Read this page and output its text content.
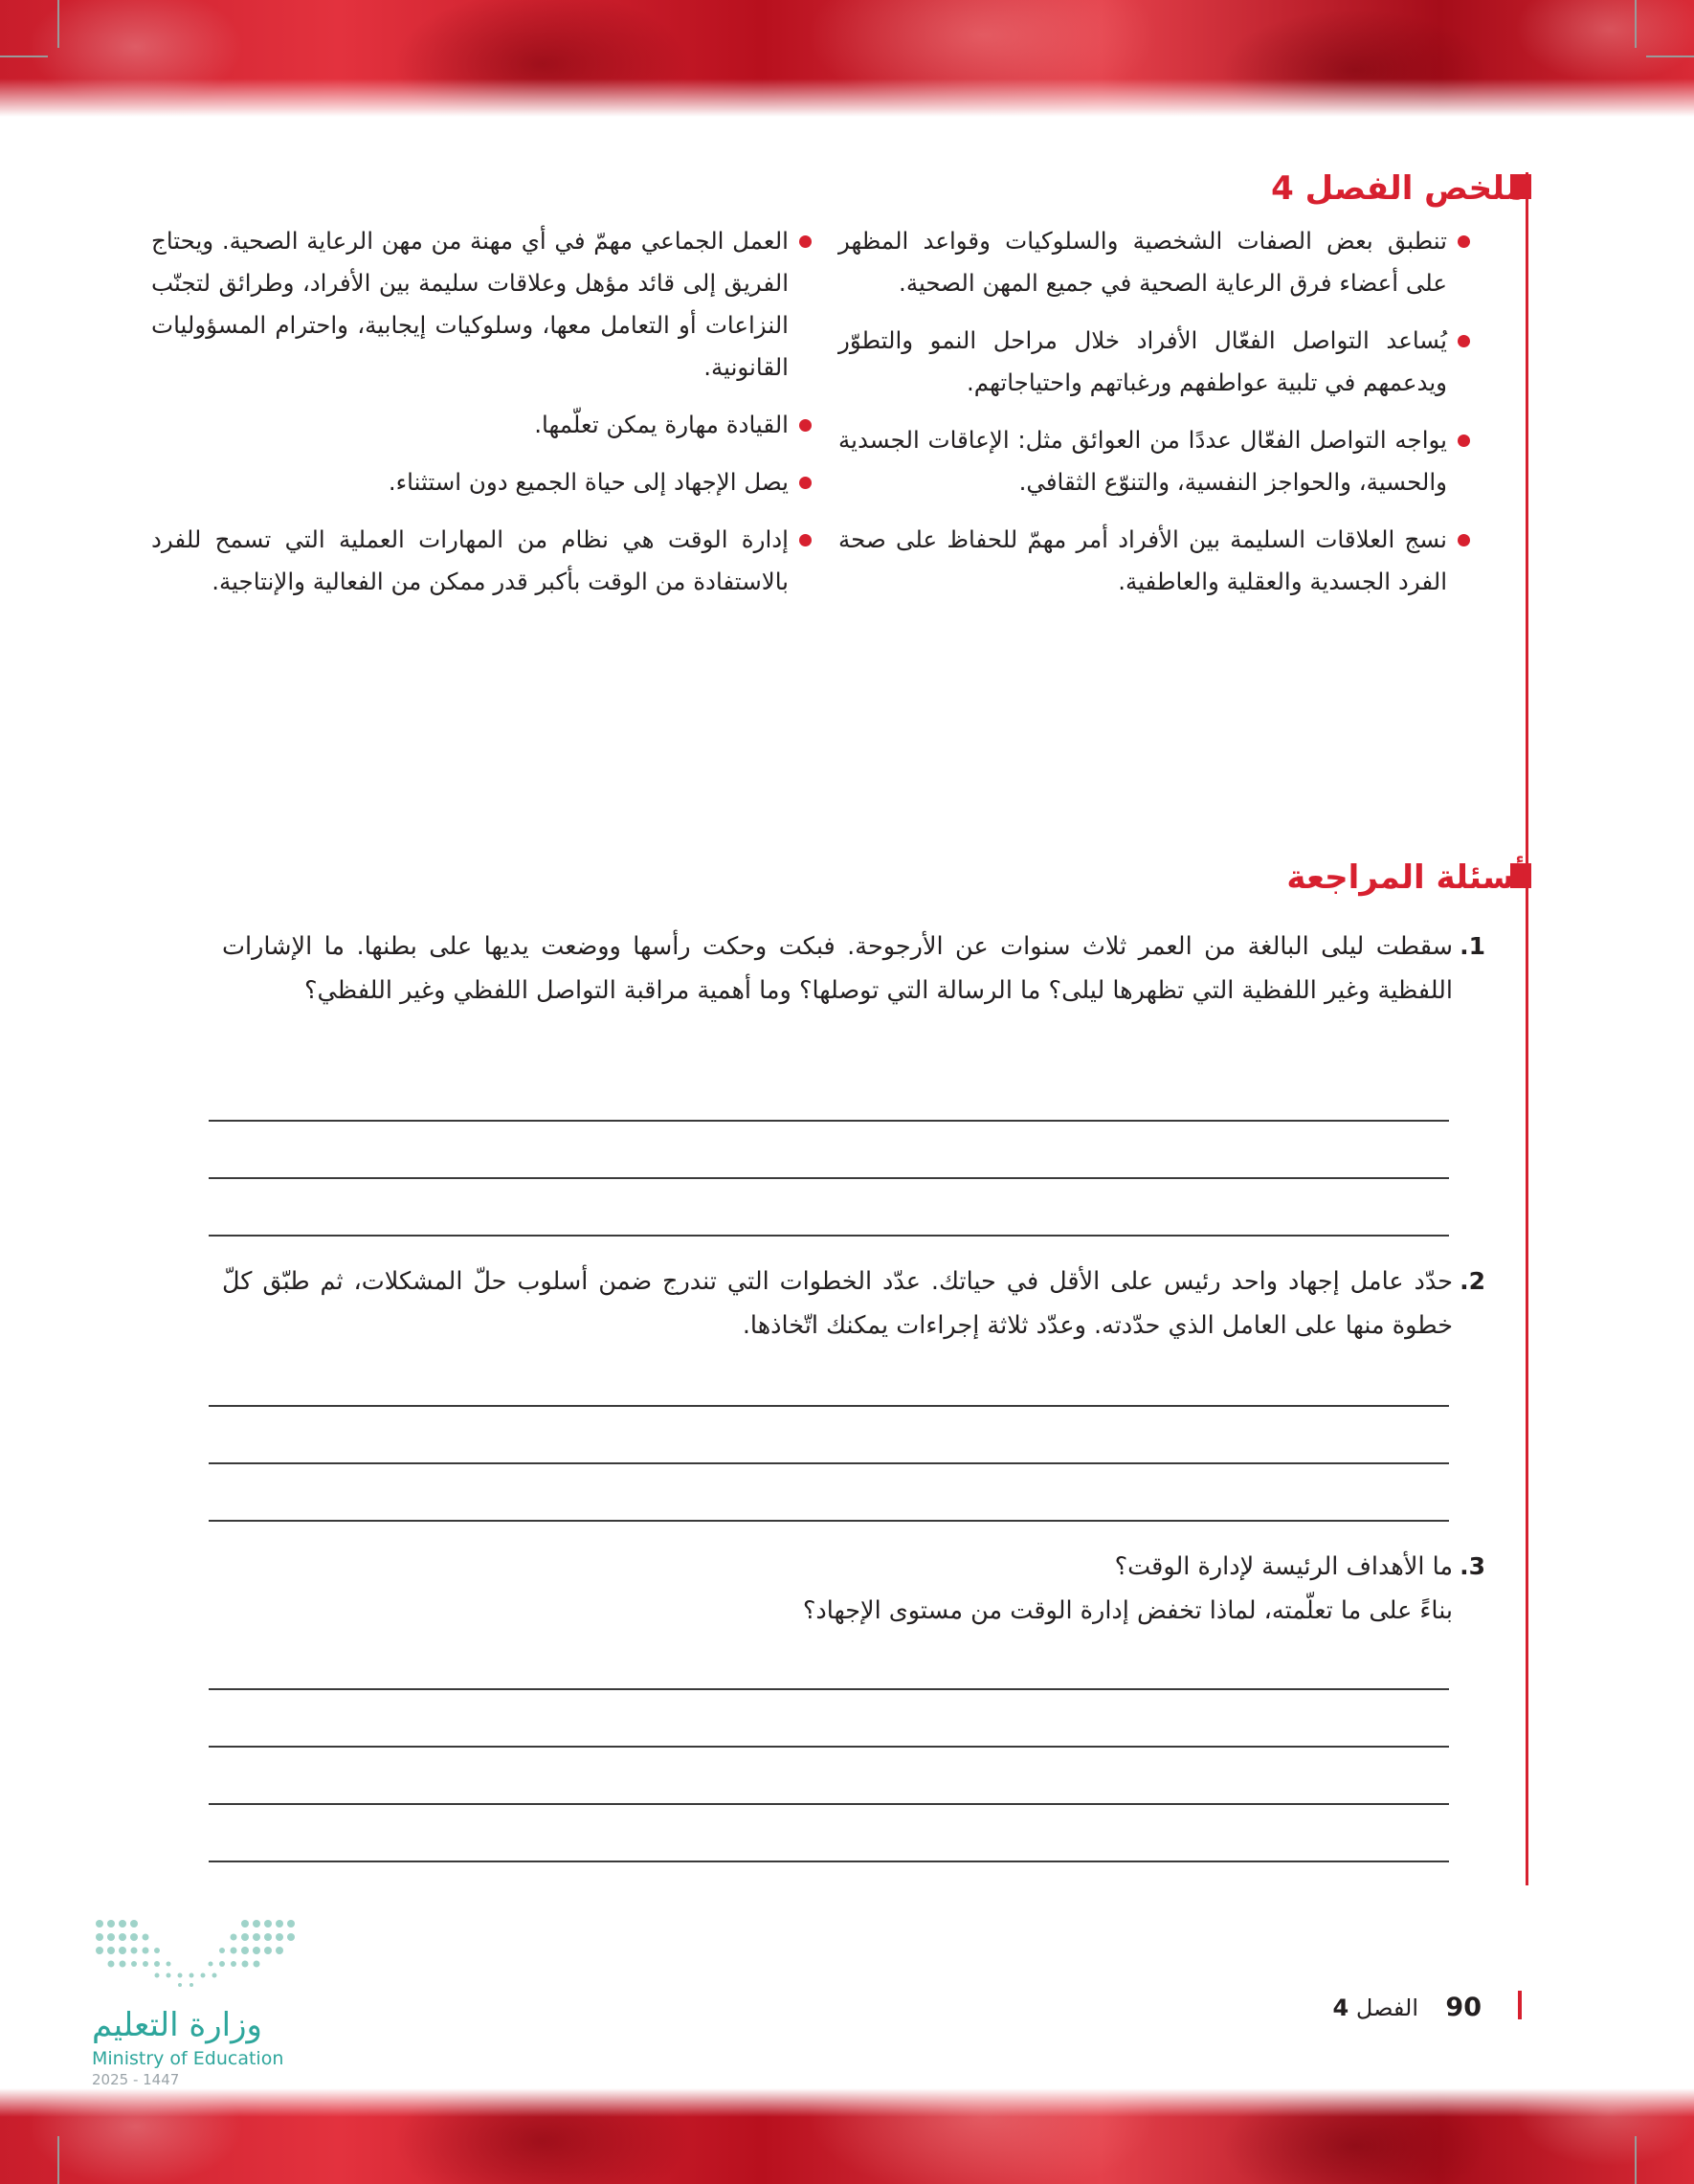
ملخص الفصل 4
تنطبق بعض الصفات الشخصية والسلوكيات وقواعد المظهر على أعضاء فرق الرعاية الصحية في جميع المهن الصحية.
يُساعد التواصل الفعّال الأفراد خلال مراحل النمو والتطوّر ويدعمهم في تلبية عواطفهم ورغباتهم واحتياجاتهم.
يواجه التواصل الفعّال عددًا من العوائق مثل: الإعاقات الجسدية والحسية، والحواجز النفسية، والتنوّع الثقافي.
نسج العلاقات السليمة بين الأفراد أمر مهمّ للحفاظ على صحة الفرد الجسدية والعقلية والعاطفية.
العمل الجماعي مهمّ في أي مهنة من مهن الرعاية الصحية. ويحتاج الفريق إلى قائد مؤهل وعلاقات سليمة بين الأفراد، وطرائق لتجنّب النزاعات أو التعامل معها، وسلوكيات إيجابية، واحترام المسؤوليات القانونية.
القيادة مهارة يمكن تعلّمها.
يصل الإجهاد إلى حياة الجميع دون استثناء.
إدارة الوقت هي نظام من المهارات العملية التي تسمح للفرد بالاستفادة من الوقت بأكبر قدر ممكن من الفعالية والإنتاجية.
أسئلة المراجعة
1.
سقطت ليلى البالغة من العمر ثلاث سنوات عن الأرجوحة. فبكت وحكت رأسها ووضعت يديها على بطنها. ما الإشارات اللفظية وغير اللفظية التي تظهرها ليلى؟ ما الرسالة التي توصلها؟ وما أهمية مراقبة التواصل اللفظي وغير اللفظي؟
2.
حدّد عامل إجهاد واحد رئيس على الأقل في حياتك. عدّد الخطوات التي تندرج ضمن أسلوب حلّ المشكلات، ثم طبّق كلّ خطوة منها على العامل الذي حدّدته. وعدّد ثلاثة إجراءات يمكنك اتّخاذها.
3.
ما الأهداف الرئيسة لإدارة الوقت؟
بناءً على ما تعلّمته، لماذا تخفض إدارة الوقت من مستوى الإجهاد؟
90
الفصل 4
وزارة التعليم
Ministry of Education
2025 - 1447
